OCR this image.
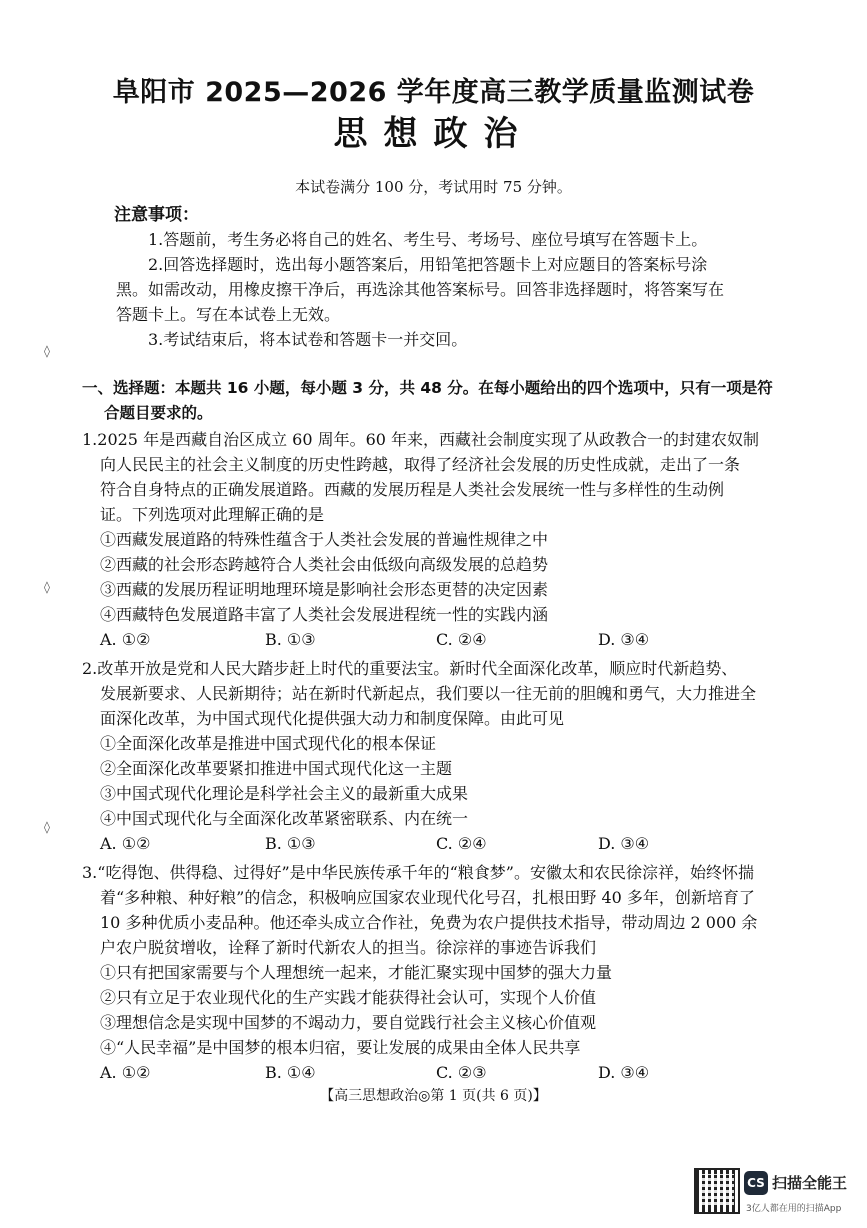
阜阳市 2025—2026 学年度高三教学质量监测试卷
思想政治
本试卷满分 100 分，考试用时 75 分钟。
注意事项：
1.答题前，考生务必将自己的姓名、考生号、考场号、座位号填写在答题卡上。
2.回答选择题时，选出每小题答案后，用铅笔把答题卡上对应题目的答案标号涂
黑。如需改动，用橡皮擦干净后，再选涂其他答案标号。回答非选择题时，将答案写在
答题卡上。写在本试卷上无效。
3.考试结束后，将本试卷和答题卡一并交回。
◊
◊
◊
一、选择题：本题共 16 小题，每小题 3 分，共 48 分。在每小题给出的四个选项中，只有一项是符
合题目要求的。
1.2025 年是西藏自治区成立 60 周年。60 年来，西藏社会制度实现了从政教合一的封建农奴制
向人民民主的社会主义制度的历史性跨越，取得了经济社会发展的历史性成就，走出了一条
符合自身特点的正确发展道路。西藏的发展历程是人类社会发展统一性与多样性的生动例
证。下列选项对此理解正确的是
①西藏发展道路的特殊性蕴含于人类社会发展的普遍性规律之中
②西藏的社会形态跨越符合人类社会由低级向高级发展的总趋势
③西藏的发展历程证明地理环境是影响社会形态更替的决定因素
④西藏特色发展道路丰富了人类社会发展进程统一性的实践内涵
A. ①②	B. ①③	C. ②④	D. ③④
2.改革开放是党和人民大踏步赶上时代的重要法宝。新时代全面深化改革，顺应时代新趋势、
发展新要求、人民新期待；站在新时代新起点，我们要以一往无前的胆魄和勇气，大力推进全
面深化改革，为中国式现代化提供强大动力和制度保障。由此可见
①全面深化改革是推进中国式现代化的根本保证
②全面深化改革要紧扣推进中国式现代化这一主题
③中国式现代化理论是科学社会主义的最新重大成果
④中国式现代化与全面深化改革紧密联系、内在统一
A. ①②	B. ①③	C. ②④	D. ③④
3.“吃得饱、供得稳、过得好”是中华民族传承千年的“粮食梦”。安徽太和农民徐淙祥，始终怀揣
着“多种粮、种好粮”的信念，积极响应国家农业现代化号召，扎根田野 40 多年，创新培育了
10 多种优质小麦品种。他还牵头成立合作社，免费为农户提供技术指导，带动周边 2 000 余
户农户脱贫增收，诠释了新时代新农人的担当。徐淙祥的事迹告诉我们
①只有把国家需要与个人理想统一起来，才能汇聚实现中国梦的强大力量
②只有立足于农业现代化的生产实践才能获得社会认可，实现个人价值
③理想信念是实现中国梦的不竭动力，要自觉践行社会主义核心价值观
④“人民幸福”是中国梦的根本归宿，要让发展的成果由全体人民共享
A. ①②	B. ①④	C. ②③	D. ③④
【高三思想政治◎第 1 页(共 6 页)】
CS 扫描全能王
3亿人都在用的扫描App
